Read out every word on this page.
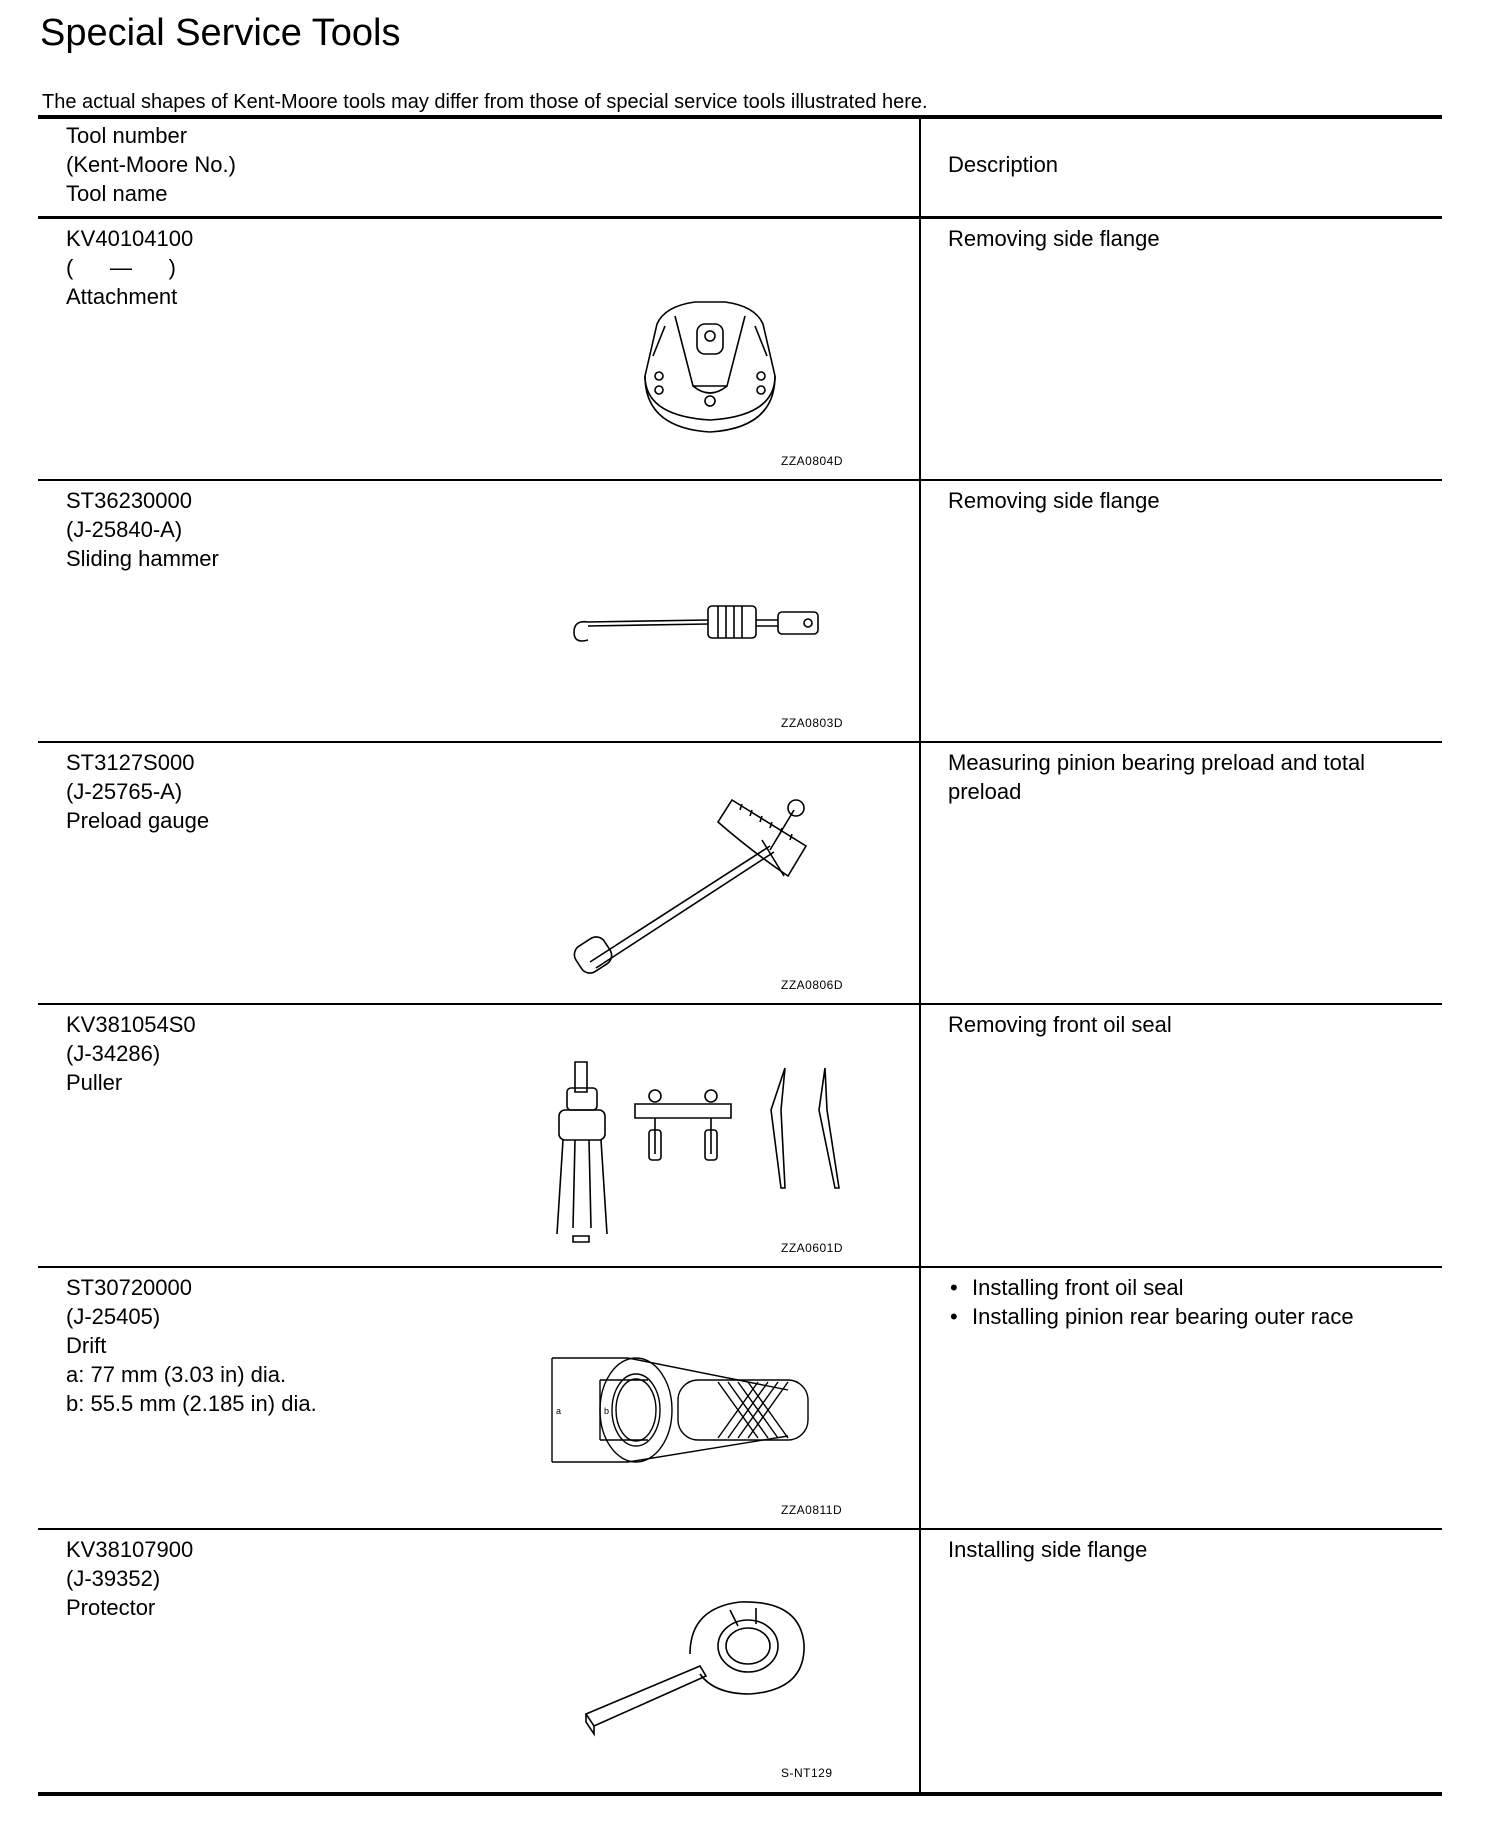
Special Service Tools
The actual shapes of Kent-Moore tools may differ from those of special service tools illustrated here.
Tool number
(Kent-Moore No.)
Tool name
Description
KV40104100
(      —      )
Attachment
Removing side flange
ZZA0804D
ST36230000
(J-25840-A)
Sliding hammer
Removing side flange
ZZA0803D
ST3127S000
(J-25765-A)
Preload gauge
Measuring pinion bearing preload and total preload
ZZA0806D
KV381054S0
(J-34286)
Puller
Removing front oil seal
ZZA0601D
ST30720000
(J-25405)
Drift
a: 77 mm (3.03 in) dia.
b: 55.5 mm (2.185 in) dia.
• Installing front oil seal
• Installing pinion rear bearing outer race
a	b
ZZA0811D
KV38107900
(J-39352)
Protector
Installing side flange
S-NT129
